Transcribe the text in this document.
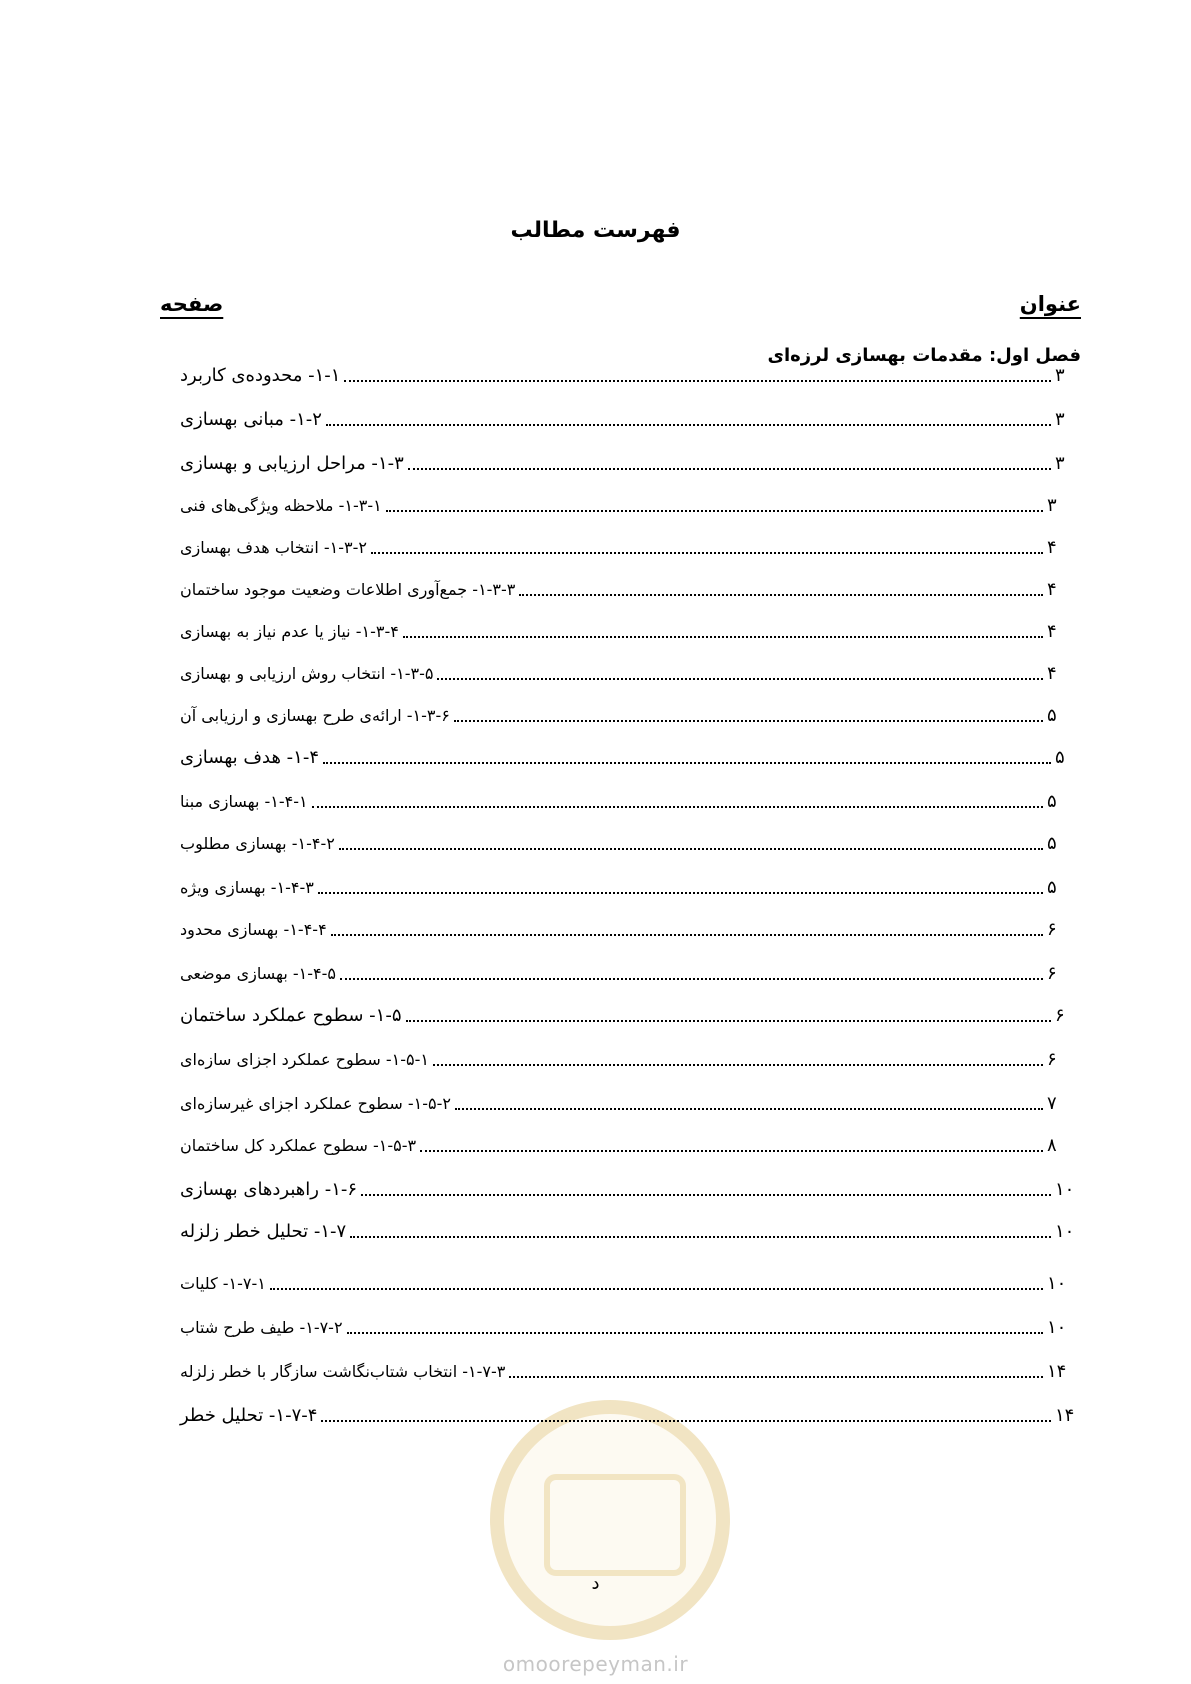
فهرست مطالب
عنوان
صفحه
فصل اول: مقدمات بهسازی لرزه‌ای
۱-۱- محدوده‌ی کاربرد	۳
۱-۲- مبانی بهسازی	۳
۱-۳- مراحل ارزیابی و بهسازی	۳
۱-۳-۱- ملاحظه ویژگی‌های فنی	۳
۱-۳-۲- انتخاب هدف بهسازی	۴
۱-۳-۳- جمع‌آوری اطلاعات وضعیت موجود ساختمان	۴
۱-۳-۴- نیاز یا عدم نیاز به بهسازی	۴
۱-۳-۵- انتخاب روش ارزیابی و بهسازی	۴
۱-۳-۶- ارائه‌ی طرح بهسازی و ارزیابی آن	۵
۱-۴- هدف بهسازی	۵
۱-۴-۱- بهسازی مبنا	۵
۱-۴-۲- بهسازی مطلوب	۵
۱-۴-۳- بهسازی ویژه	۵
۱-۴-۴- بهسازی محدود	۶
۱-۴-۵- بهسازی موضعی	۶
۱-۵- سطوح عملکرد ساختمان	۶
۱-۵-۱- سطوح عملکرد اجزای سازه‌ای	۶
۱-۵-۲- سطوح عملکرد اجزای غیرسازه‌ای	۷
۱-۵-۳- سطوح عملکرد کل ساختمان	۸
۱-۶- راهبردهای بهسازی	۱۰
۱-۷- تحلیل خطر زلزله	۱۰
۱-۷-۱- کلیات	۱۰
۱-۷-۲- طیف طرح شتاب	۱۰
۱-۷-۳- انتخاب شتاب‌نگاشت سازگار با خطر زلزله	۱۴
۱-۷-۴- تحلیل خطر	۱۴
د
omoorepeyman.ir
